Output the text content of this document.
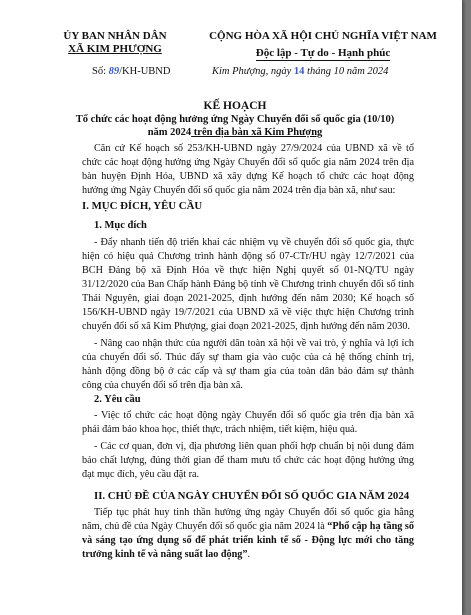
ỦY BAN NHÂN DÂN
XÃ KIM PHƯỢNG
CỘNG HÒA XÃ HỘI CHỦ NGHĨA VIỆT NAM
Độc lập - Tự do - Hạnh phúc
Số: 89/KH-UBND	Kim Phượng, ngày 14 tháng 10 năm 2024
KẾ HOẠCH
Tổ chức các hoạt động hưởng ứng Ngày Chuyển đổi số quốc gia (10/10)
năm 2024 trên địa bàn xã Kim Phượng

Căn cứ Kế hoạch số 253/KH-UBND ngày 27/9/2024 của UBND xã về tổ chức các hoạt động hưởng ứng Ngày Chuyển đổi số quốc gia năm 2024 trên địa bàn huyện Định Hóa, UBND xã xây dựng Kế hoạch tổ chức các hoạt động hưởng ứng Ngày Chuyển đổi số quốc gia năm 2024 trên địa bàn xã, như sau:

I. MỤC ĐÍCH, YÊU CẦU
1. Mục đích

- Đẩy nhanh tiến độ triển khai các nhiệm vụ về chuyển đổi số quốc gia, thực hiện có hiệu quả Chương trình hành động số 07-CTr/HU ngày 12/7/2021 của BCH Đảng bộ xã Định Hóa về thực hiện Nghị quyết số 01-NQ/TU ngày 31/12/2020 của Ban Chấp hành Đảng bộ tỉnh về Chương trình chuyển đổi số tỉnh Thái Nguyên, giai đoạn 2021-2025, định hướng đến năm 2030; Kế hoạch số 156/KH-UBND ngày 19/7/2021 của UBND xã về việc thực hiện Chương trình chuyển đổi số xã Kim Phượng, giai đoạn 2021-2025, định hướng đến năm 2030.

- Nâng cao nhận thức của người dân toàn xã hội về vai trò, ý nghĩa và lợi ích của chuyển đổi số. Thúc đẩy sự tham gia vào cuộc của cả hệ thống chính trị, hành động đồng bộ ở các cấp và sự tham gia của toàn dân bảo đảm sự thành công của chuyển đổi số trên địa bàn xã.

2. Yêu cầu

- Việc tổ chức các hoạt động ngày Chuyển đổi số quốc gia trên địa bàn xã phải đảm bảo khoa học, thiết thực, trách nhiệm, tiết kiệm, hiệu quả.

- Các cơ quan, đơn vị, địa phương liên quan phối hợp chuẩn bị nội dung đảm bảo chất lượng, đúng thời gian để tham mưu tổ chức các hoạt động hưởng ứng đạt mục đích, yêu cầu đặt ra.

II. CHỦ ĐỀ CỦA NGÀY CHUYỂN ĐỔI SỐ QUỐC GIA NĂM 2024

Tiếp tục phát huy tinh thần hưởng ứng ngày Chuyển đổi số quốc gia hằng năm, chủ đề của Ngày Chuyển đổi số quốc gia năm 2024 là “Phổ cập hạ tầng số và sáng tạo ứng dụng số để phát triển kinh tế số - Động lực mới cho tăng trưởng kinh tế và nâng suất lao động”.
